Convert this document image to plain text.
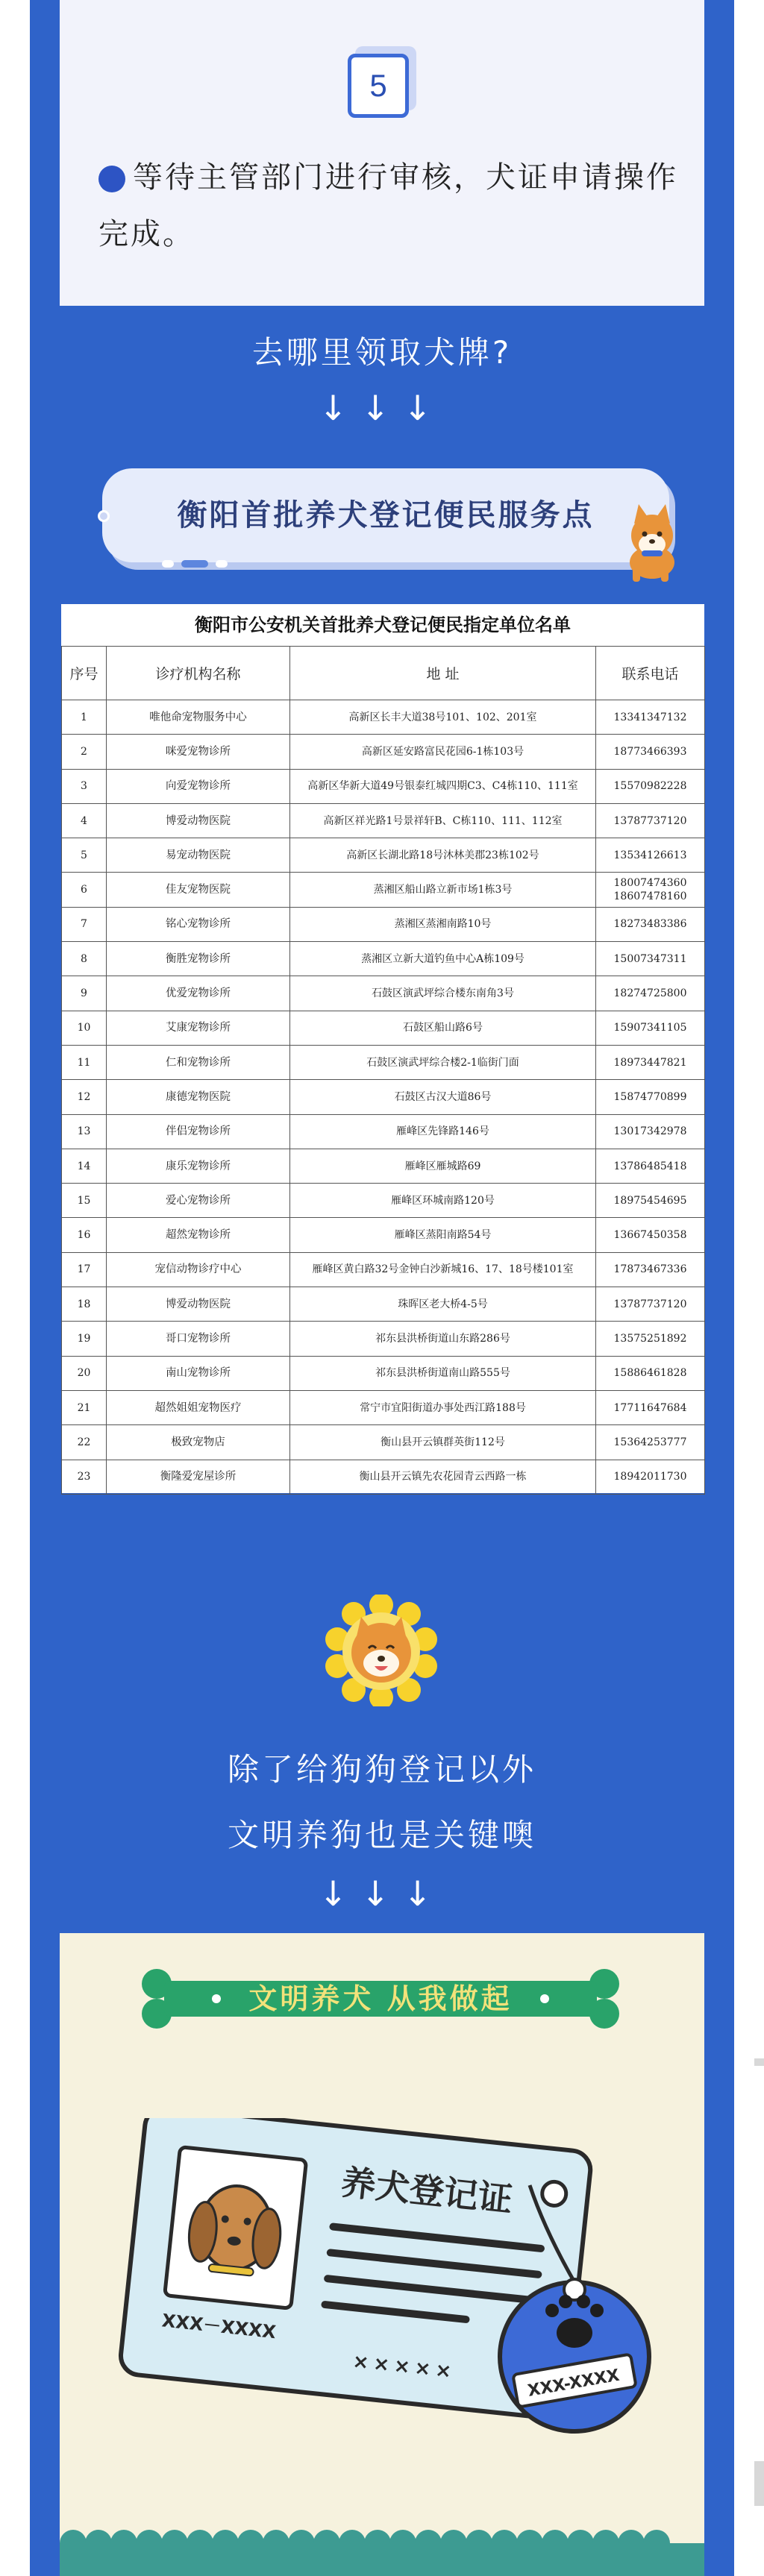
5
等待主管部门进行审核，犬证申请操作完成。
去哪里领取犬牌?
↓↓↓
衡阳首批养犬登记便民服务点
衡阳市公安机关首批养犬登记便民指定单位名单
序号	诊疗机构名称	地 址	联系电话
1	唯他命宠物服务中心	高新区长丰大道38号101、102、201室	13341347132
2	咪爱宠物诊所	高新区延安路富民花园6-1栋103号	18773466393
3	向爱宠物诊所	高新区华新大道49号银泰红城四期C3、C4栋110、111室	15570982228
4	博爱动物医院	高新区祥光路1号景祥轩B、C栋110、111、112室	13787737120
5	易宠动物医院	高新区长湖北路18号沐林美郡23栋102号	13534126613
6	佳友宠物医院	蒸湘区船山路立新市场1栋3号	18007474360
18607478160
7	铭心宠物诊所	蒸湘区蒸湘南路10号	18273483386
8	衡胜宠物诊所	蒸湘区立新大道钓鱼中心A栋109号	15007347311
9	优爱宠物诊所	石鼓区演武坪综合楼东南角3号	18274725800
10	艾康宠物诊所	石鼓区船山路6号	15907341105
11	仁和宠物诊所	石鼓区演武坪综合楼2-1临街门面	18973447821
12	康德宠物医院	石鼓区古汉大道86号	15874770899
13	伴侣宠物诊所	雁峰区先锋路146号	13017342978
14	康乐宠物诊所	雁峰区雁城路69	13786485418
15	爱心宠物诊所	雁峰区环城南路120号	18975454695
16	超然宠物诊所	雁峰区蒸阳南路54号	13667450358
17	宠信动物诊疗中心	雁峰区黄白路32号金钟白沙新城16、17、18号楼101室	17873467336
18	博爱动物医院	珠晖区老大桥4-5号	13787737120
19	哥口宠物诊所	祁东县洪桥街道山东路286号	13575251892
20	南山宠物诊所	祁东县洪桥街道南山路555号	15886461828
21	超然姐姐宠物医疗	常宁市宜阳街道办事处西江路188号	17711647684
22	极致宠物店	衡山县开云镇群英街112号	15364253777
23	衡隆爱宠屋诊所	衡山县开云镇先农花园青云西路一栋	18942011730
除了给狗狗登记以外
文明养狗也是关键噢
↓↓↓
文明养犬 从我做起
XXX－XXXX
养犬登记证
×××××	XXX-XXXX
